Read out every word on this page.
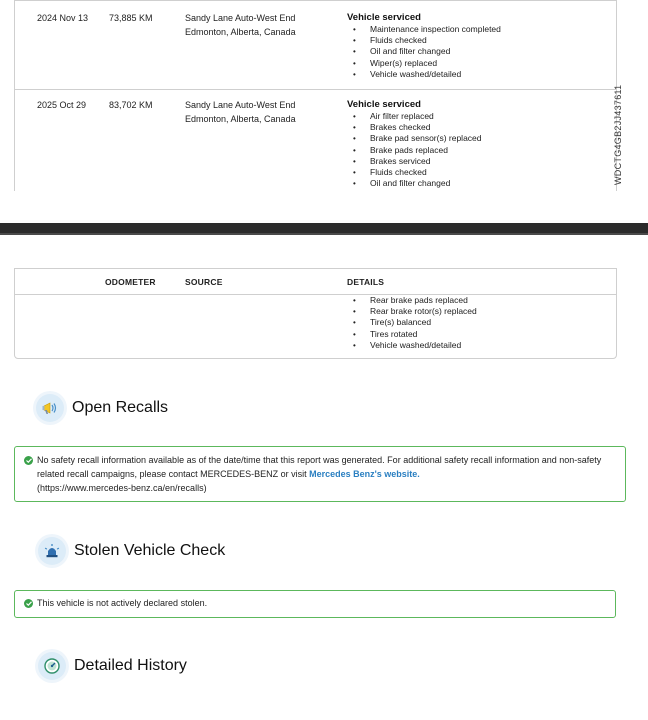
2024 Nov 13 73,885 KM	Sandy Lane Auto-West End
Edmonton, Alberta, Canada
Vehicle serviced
• Maintenance inspection completed
• Fluids checked
• Oil and filter changed
• Wiper(s) replaced
• Vehicle washed/detailed
2025 Oct 29	83,702 KM	Sandy Lane Auto-West End
Edmonton, Alberta, Canada
Vehicle serviced
• Air filter replaced
• Brakes checked
• Brake pad sensor(s) replaced
• Brake pads replaced
• Brakes serviced
• Fluids checked
• Oil and filter changed	WDCTG4GB2JJ437611
ODOMETER	SOURCE	DETAILS
• Rear brake pads replaced
• Rear brake rotor(s) replaced
• Tire(s) balanced
• Tires rotated
• Vehicle washed/detailed
Open Recalls
No safety recall information available as of the date/time that this report was generated. For additional safety recall information and non-safety related recall campaigns, please contact MERCEDES-BENZ or visit Mercedes Benz's website.
(https://www.mercedes-benz.ca/en/recalls)
Stolen Vehicle Check
This vehicle is not actively declared stolen.
Detailed History
